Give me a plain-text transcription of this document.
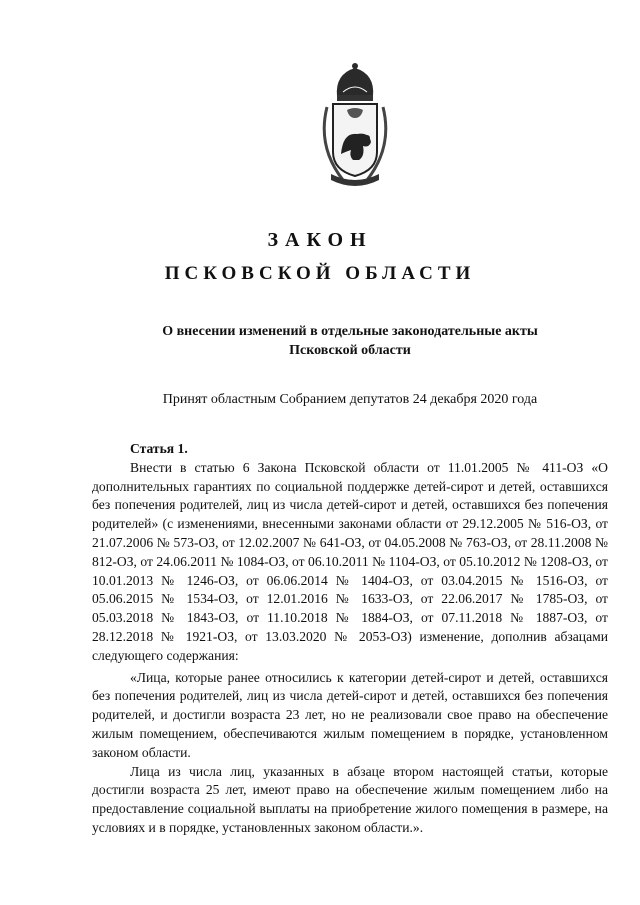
ЗАКОН
ПСКОВСКОЙ ОБЛАСТИ
О внесении изменений в отдельные законодательные акты
Псковской области
Принят областным Собранием депутатов 24 декабря 2020 года
Статья 1.

Внести в статью 6 Закона Псковской области от 11.01.2005 № 411-ОЗ «О дополнительных гарантиях по социальной поддержке детей-сирот и детей, оставшихся без попечения родителей, лиц из числа детей-сирот и детей, оставшихся без попечения родителей» (с изменениями, внесенными законами области от 29.12.2005 № 516-ОЗ, от 21.07.2006 № 573-ОЗ, от 12.02.2007 № 641-ОЗ, от 04.05.2008 № 763-ОЗ, от 28.11.2008 № 812-ОЗ, от 24.06.2011 № 1084-ОЗ, от 06.10.2011 № 1104-ОЗ, от 05.10.2012 № 1208-ОЗ, от 10.01.2013 № 1246-ОЗ, от 06.06.2014 № 1404-ОЗ, от 03.04.2015 № 1516-ОЗ, от 05.06.2015 № 1534-ОЗ, от 12.01.2016 № 1633-ОЗ, от 22.06.2017 № 1785-ОЗ, от 05.03.2018 № 1843-ОЗ, от 11.10.2018 № 1884-ОЗ, от 07.11.2018 № 1887-ОЗ, от 28.12.2018 № 1921-ОЗ, от 13.03.2020 № 2053-ОЗ) изменение, дополнив абзацами следующего содержания:

«Лица, которые ранее относились к категории детей-сирот и детей, оставшихся без попечения родителей, лиц из числа детей-сирот и детей, оставшихся без попечения родителей, и достигли возраста 23 лет, но не реализовали свое право на обеспечение жилым помещением, обеспечиваются жилым помещением в порядке, установленном законом области.

Лица из числа лиц, указанных в абзаце втором настоящей статьи, которые достигли возраста 25 лет, имеют право на обеспечение жилым помещением либо на предоставление социальной выплаты на приобретение жилого помещения в размере, на условиях и в порядке, установленных законом области.».
